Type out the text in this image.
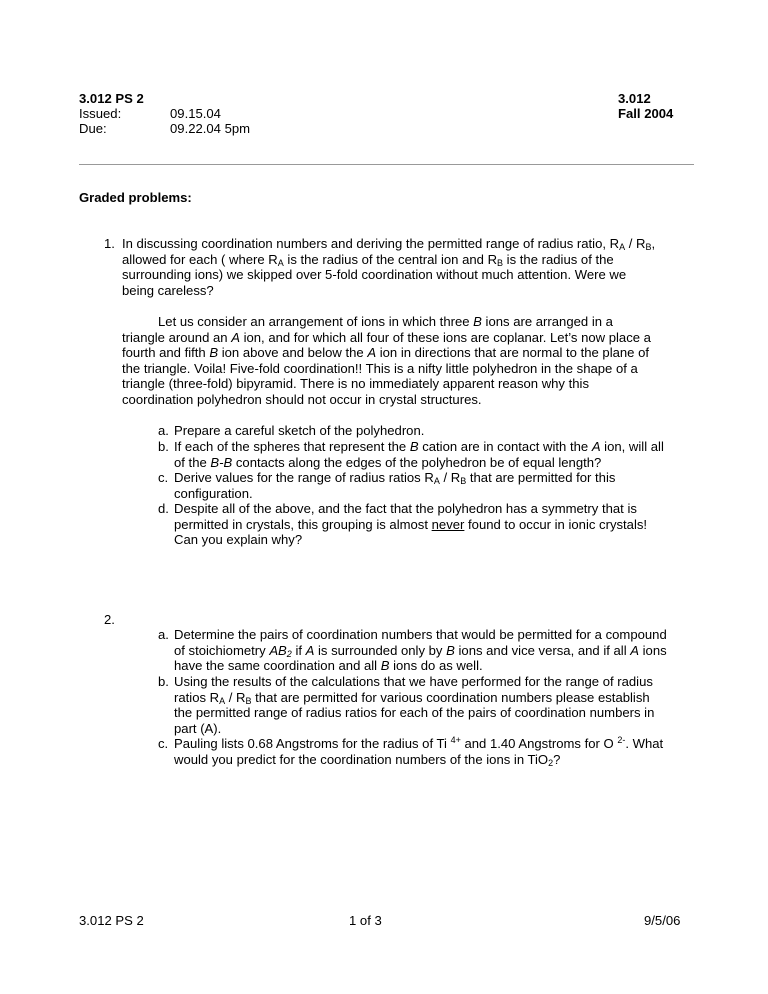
3.012 PS 2
Issued:	09.15.04
Due:	09.22.04 5pm
3.012
Fall 2004
Graded problems:
1. In discussing coordination numbers and deriving the permitted range of radius ratio, $R_A / R_B$,
allowed for each ( where $R_A$ is the radius of the central ion and $R_B$ is the radius of the
surrounding ions) we skipped over 5-fold coordination without much attention. Were we
being careless?
Let us consider an arrangement of ions in which three B ions are arranged in a
triangle around an A ion, and for which all four of these ions are coplanar. Let’s now place a
fourth and fifth B ion above and below the A ion in directions that are normal to the plane of
the triangle. Voila! Five-fold coordination!! This is a nifty little polyhedron in the shape of a
triangle (three-fold) bipyramid. There is no immediately apparent reason why this
coordination polyhedron should not occur in crystal structures.
a. Prepare a careful sketch of the polyhedron.
b. If each of the spheres that represent the B cation are in contact with the A ion, will all
of the B-B contacts along the edges of the polyhedron be of equal length?
c. Derive values for the range of radius ratios $R_A / R_B$ that are permitted for this
configuration.
d. Despite all of the above, and the fact that the polyhedron has a symmetry that is
permitted in crystals, this grouping is almost never found to occur in ionic crystals!
Can you explain why?
2.
a. Determine the pairs of coordination numbers that would be permitted for a compound
of stoichiometry $AB_2$ if A is surrounded only by B ions and vice versa, and if all A ions
have the same coordination and all B ions do as well.
b. Using the results of the calculations that we have performed for the range of radius
ratios $R_A / R_B$ that are permitted for various coordination numbers please establish
the permitted range of radius ratios for each of the pairs of coordination numbers in
part (A).
c. Pauling lists 0.68 Angstroms for the radius of Ti $^{4+}$ and 1.40 Angstroms for O $^{2-}$. What
would you predict for the coordination numbers of the ions in TiO$_2$?
3.012 PS 2	1 of 3	9/5/06
